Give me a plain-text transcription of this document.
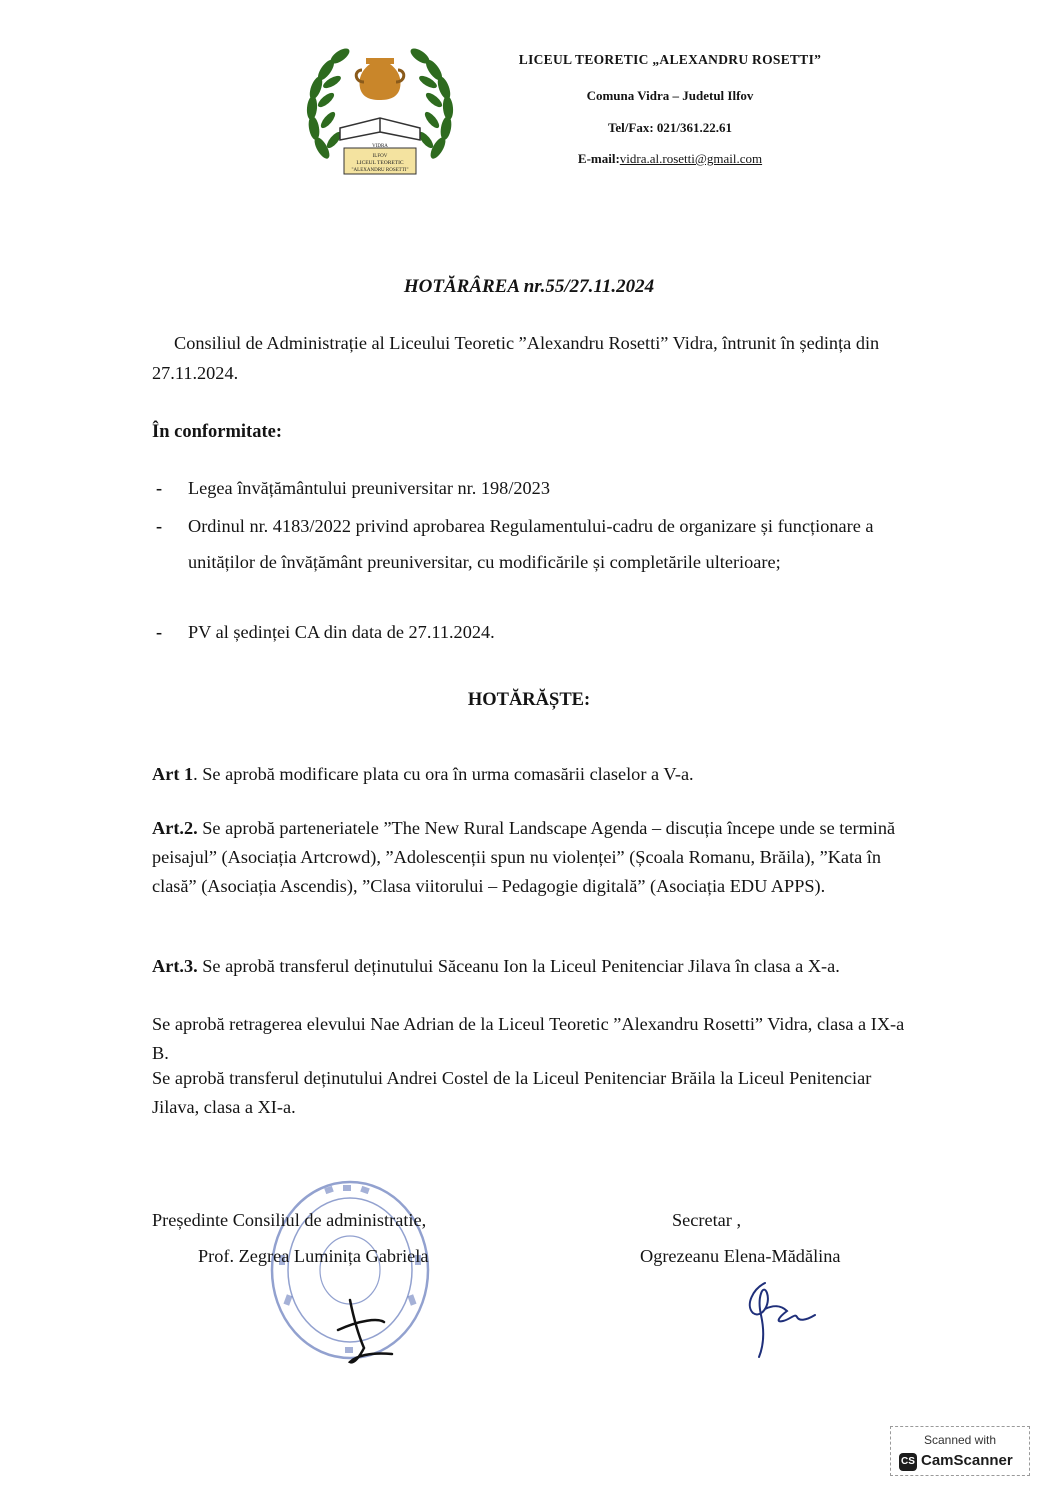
VIDRA
ILFOV
LICEUL TEORETIC
"ALEXANDRU ROSETTI"
LICEUL TEORETIC „ALEXANDRU ROSETTI”
Comuna Vidra – Judetul Ilfov
Tel/Fax: 021/361.22.61
E-mail:vidra.al.rosetti@gmail.com
HOTĂRÂREA nr.55/27.11.2024
Consiliul de Administrație al Liceului Teoretic ”Alexandru Rosetti” Vidra, întrunit în ședința din 27.11.2024.
În conformitate:
- Legea învățământului preuniversitar nr. 198/2023
- Ordinul nr. 4183/2022 privind aprobarea Regulamentului-cadru de organizare și funcționare a unităților de învățământ preuniversitar, cu modificările și completările ulterioare;
- PV al ședinței CA din data de 27.11.2024.
HOTĂRĂȘTE:
Art 1. Se aprobă modificare plata cu ora în urma comasării claselor a V-a.
Art.2. Se aprobă parteneriatele ”The New Rural Landscape Agenda – discuția începe unde se termină peisajul” (Asociația Artcrowd), ”Adolescenții spun nu violenței” (Școala Romanu, Brăila), ”Kata în clasă” (Asociația Ascendis), ”Clasa viitorului – Pedagogie digitală” (Asociația EDU APPS).
Art.3. Se aprobă transferul deținutului Săceanu Ion la Liceul Penitenciar Jilava în clasa a X-a.
Se aprobă retragerea elevului Nae Adrian de la Liceul Teoretic ”Alexandru Rosetti” Vidra, clasa a IX-a B.
Se aprobă transferul deținutului Andrei Costel de la Liceul Penitenciar Brăila la Liceul Penitenciar Jilava, clasa a XI-a.
Președinte Consiliul de administratie,
Prof. Zegrea Luminița Gabriela
Secretar ,
Ogrezeanu Elena-Mădălina
Scanned with
CS CamScanner
